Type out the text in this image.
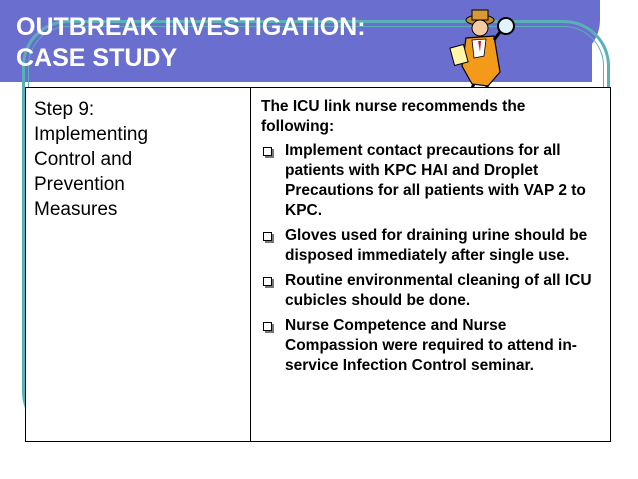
OUTBREAK INVESTIGATION:
CASE STUDY
Step 9:
Implementing
Control and
Prevention
Measures

The ICU link nurse recommends the following:
Implement contact precautions for all patients with KPC HAI and Droplet Precautions for all patients with VAP 2 to KPC.
Gloves used for draining urine should be disposed immediately after single use.
Routine environmental cleaning of all ICU cubicles should be done.
Nurse Competence and Nurse Compassion were required to attend in-service Infection Control seminar.
